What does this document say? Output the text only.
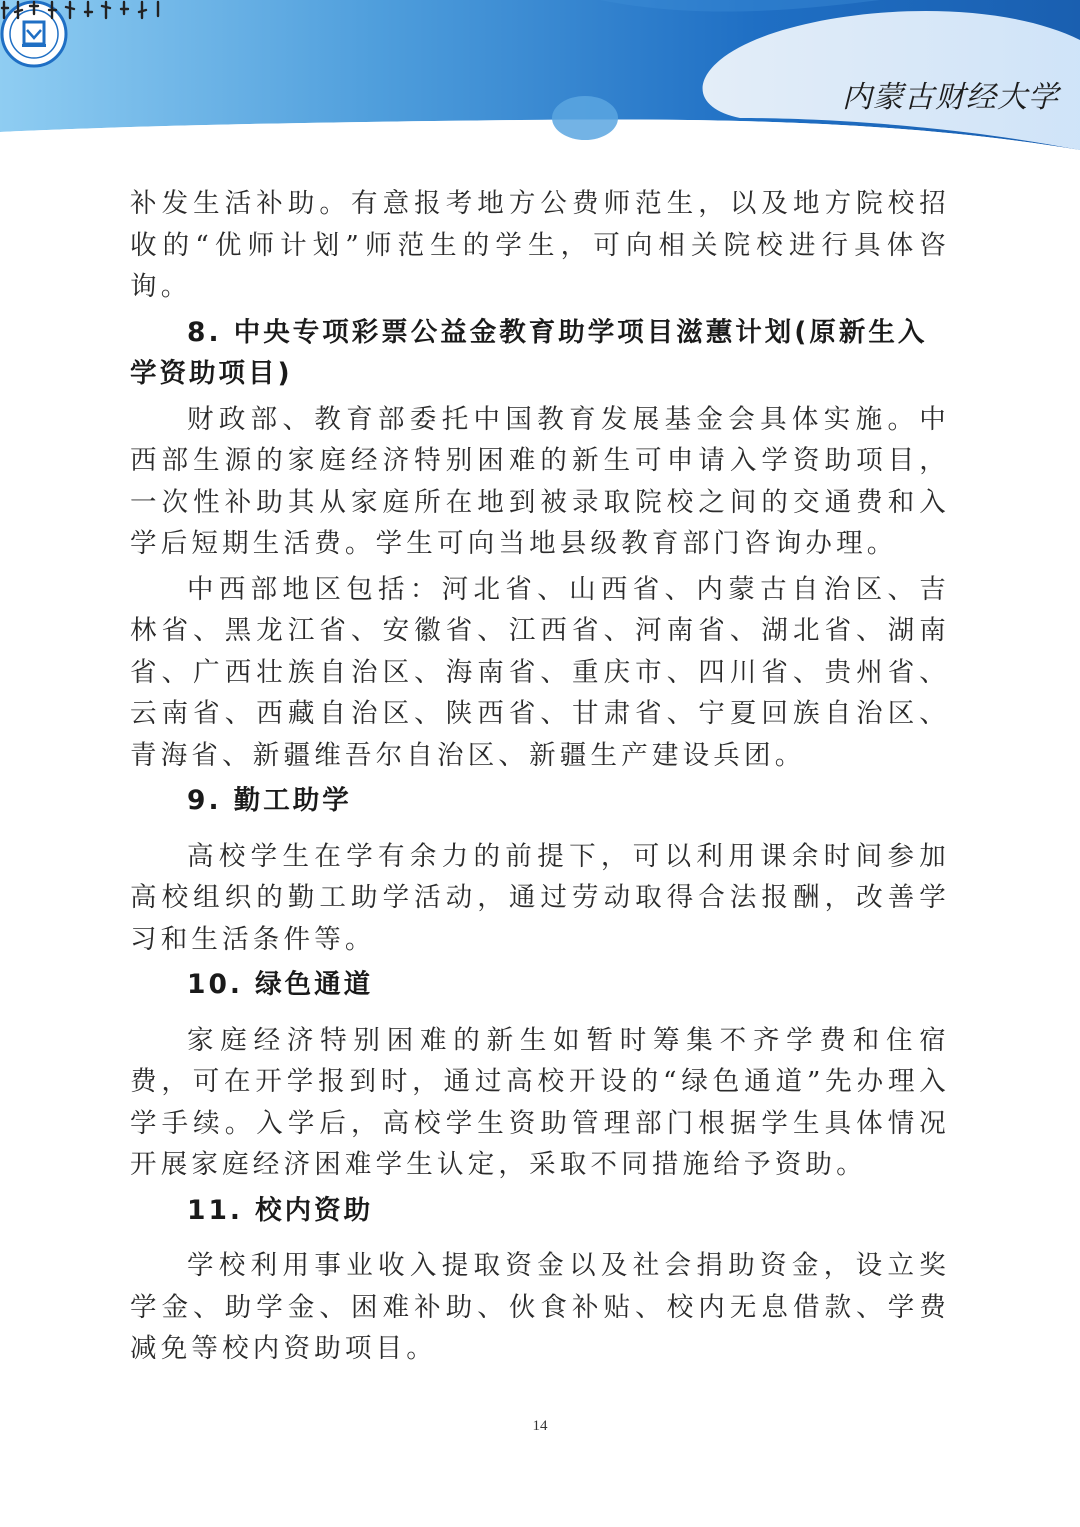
内蒙古财经大学

补发生活补助。有意报考地方公费师范生，以及地方院校招收的“优师计划”师范生的学生，可向相关院校进行具体咨询。

8. 中央专项彩票公益金教育助学项目滋蕙计划(原新生入学资助项目)

财政部、教育部委托中国教育发展基金会具体实施。中西部生源的家庭经济特别困难的新生可申请入学资助项目，一次性补助其从家庭所在地到被录取院校之间的交通费和入学后短期生活费。学生可向当地县级教育部门咨询办理。

中西部地区包括：河北省、山西省、内蒙古自治区、吉林省、黑龙江省、安徽省、江西省、河南省、湖北省、湖南省、广西壮族自治区、海南省、重庆市、四川省、贵州省、云南省、西藏自治区、陕西省、甘肃省、宁夏回族自治区、青海省、新疆维吾尔自治区、新疆生产建设兵团。

9. 勤工助学

高校学生在学有余力的前提下，可以利用课余时间参加高校组织的勤工助学活动，通过劳动取得合法报酬，改善学习和生活条件等。

10. 绿色通道

家庭经济特别困难的新生如暂时筹集不齐学费和住宿费，可在开学报到时，通过高校开设的“绿色通道”先办理入学手续。入学后，高校学生资助管理部门根据学生具体情况开展家庭经济困难学生认定，采取不同措施给予资助。

11. 校内资助

学校利用事业收入提取资金以及社会捐助资金，设立奖学金、助学金、困难补助、伙食补贴、校内无息借款、学费减免等校内资助项目。

14
